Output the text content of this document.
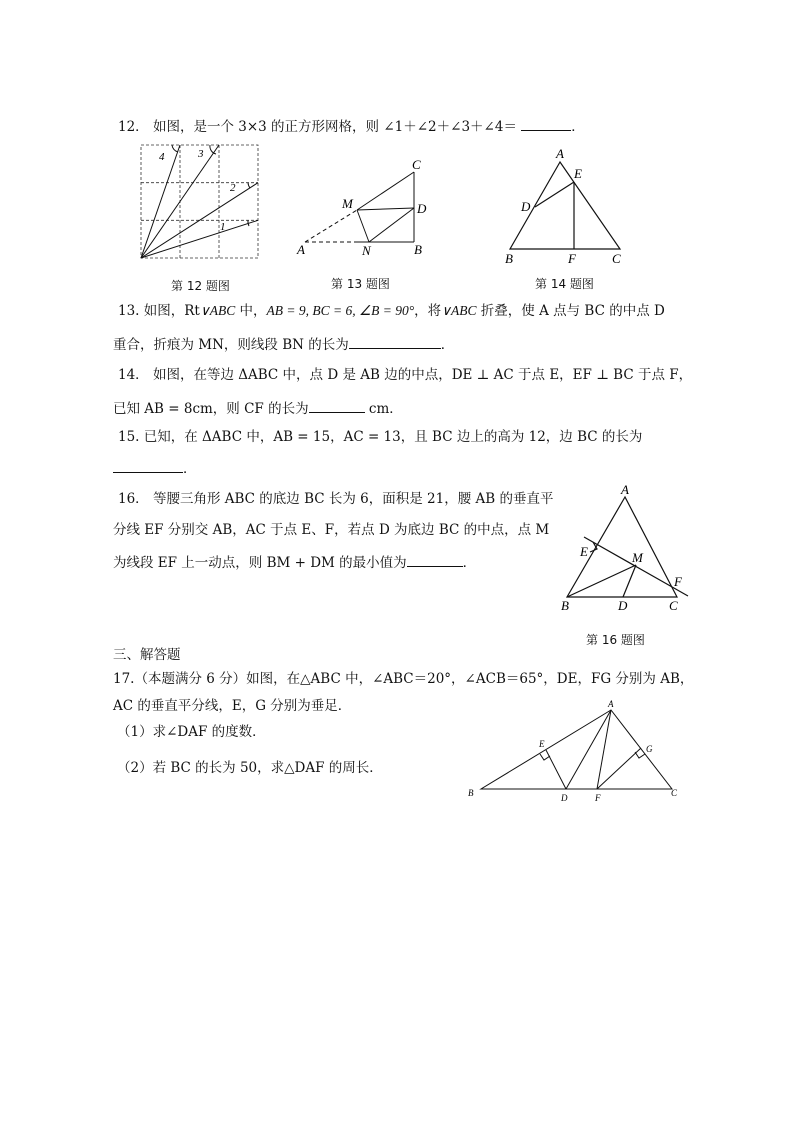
12． 如图，是一个 3×3 的正方形网格，则 ∠1＋∠2＋∠3＋∠4＝	．
4	3
2
1
第 12 题图
C
M	D
A	N	B
第 13 题图
A
E
D
B	F	C
第 14 题图
13. 如图，Rt∨ABC 中，AB = 9, BC = 6, ∠B = 90°，将∨ABC 折叠，使 A 点与 BC 的中点 D
重合，折痕为 MN，则线段 BN 的长为	．
14． 如图，在等边 ΔABC 中，点 D 是 AB 边的中点，DE ⊥ AC 于点 E，EF ⊥ BC 于点 F，
已知 AB = 8cm，则 CF 的长为	cm．
15. 已知，在 ΔABC 中，AB = 15，AC = 13，且 BC 边上的高为 12，边 BC 的长为
．
16． 等腰三角形 ABC 的底边 BC 长为 6，面积是 21，腰 AB 的垂直平
分线 EF 分别交 AB，AC 于点 E、F，若点 D 为底边 BC 的中点，点 M
为线段 EF 上一动点，则 BM + DM 的最小值为	．
A
E	M
F
B	D	C
第 16 题图
三、解答题
17.（本题满分 6 分）如图，在△ABC 中，∠ABC＝20°，∠ACB＝65°，DE，FG 分别为 AB，
AC 的垂直平分线，E，G 分别为垂足．
（1）求∠DAF 的度数．
（2）若 BC 的长为 50，求△DAF 的周长．
A
E	G
B	D	F	C
